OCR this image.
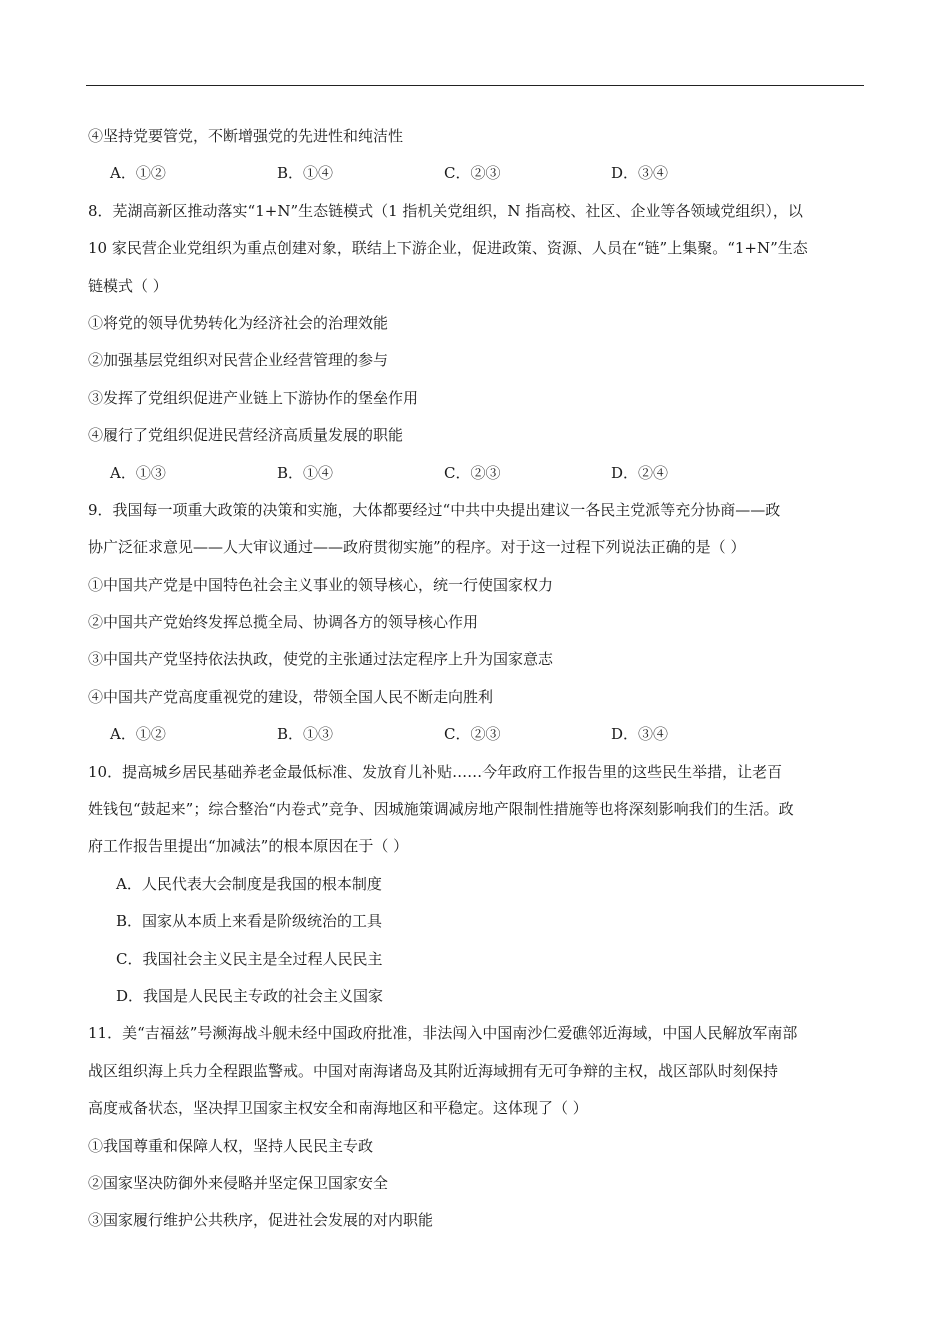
④坚持党要管党，不断增强党的先进性和纯洁性
A．①②	B．①④	C．②③	D．③④
8．芜湖高新区推动落实“1+N”生态链模式（1 指机关党组织，N 指高校、社区、企业等各领域党组织），以
10 家民营企业党组织为重点创建对象，联结上下游企业，促进政策、资源、人员在“链”上集聚。“1+N”生态
链模式（ ）
①将党的领导优势转化为经济社会的治理效能
②加强基层党组织对民营企业经营管理的参与
③发挥了党组织促进产业链上下游协作的堡垒作用
④履行了党组织促进民营经济高质量发展的职能
A．①③	B．①④	C．②③	D．②④
9．我国每一项重大政策的决策和实施，大体都要经过“中共中央提出建议一各民主党派等充分协商——政
协广泛征求意见——人大审议通过——政府贯彻实施”的程序。对于这一过程下列说法正确的是（ ）
①中国共产党是中国特色社会主义事业的领导核心，统一行使国家权力
②中国共产党始终发挥总揽全局、协调各方的领导核心作用
③中国共产党坚持依法执政，使党的主张通过法定程序上升为国家意志
④中国共产党高度重视党的建设，带领全国人民不断走向胜利
A．①②	B．①③	C．②③	D．③④
10．提高城乡居民基础养老金最低标准、发放育儿补贴……今年政府工作报告里的这些民生举措，让老百
姓钱包“鼓起来”；综合整治“内卷式”竞争、因城施策调减房地产限制性措施等也将深刻影响我们的生活。政
府工作报告里提出“加减法”的根本原因在于（ ）
A．人民代表大会制度是我国的根本制度
B．国家从本质上来看是阶级统治的工具
C．我国社会主义民主是全过程人民民主
D．我国是人民民主专政的社会主义国家
11．美“吉福兹”号濒海战斗舰未经中国政府批准，非法闯入中国南沙仁爱礁邻近海域，中国人民解放军南部
战区组织海上兵力全程跟监警戒。中国对南海诸岛及其附近海域拥有无可争辩的主权，战区部队时刻保持
高度戒备状态，坚决捍卫国家主权安全和南海地区和平稳定。这体现了（ ）
①我国尊重和保障人权，坚持人民民主专政
②国家坚决防御外来侵略并坚定保卫国家安全
③国家履行维护公共秩序，促进社会发展的对内职能
